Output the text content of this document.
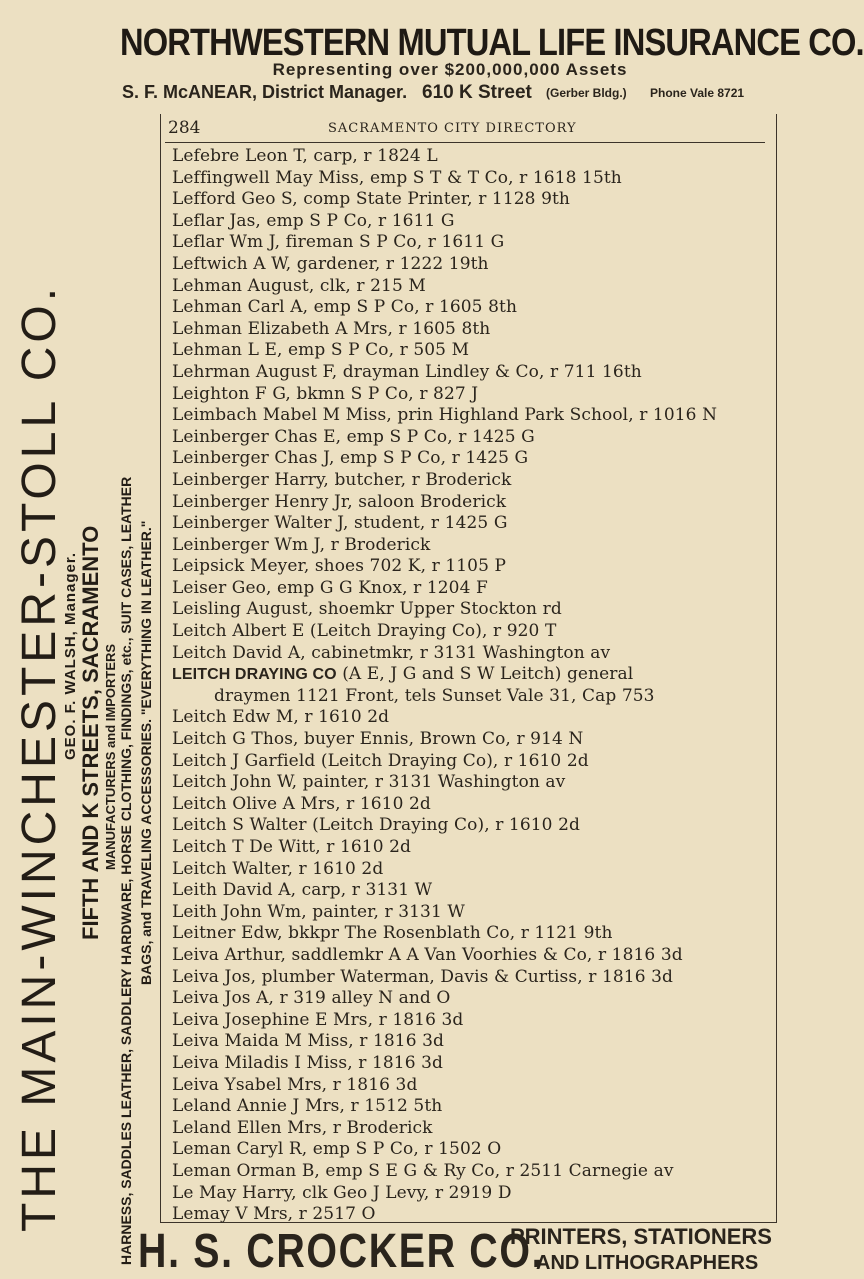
NORTHWESTERN MUTUAL LIFE INSURANCE CO.
Representing over $200,000,000 Assets
S. F. McANEAR, District Manager. 610 K Street (Gerber Bldg.) Phone Vale 8721
THE MAIN-WINCHESTER-STOLL CO.
GEO. F. WALSH, Manager. FIFTH AND K STREETS, SACRAMENTO MANUFACTURERS and IMPORTERS HARNESS, SADDLES LEATHER, SADDLERY HARDWARE, HORSE CLOTHING, FINDINGS, etc., SUIT CASES, LEATHER BAGS, and TRAVELING ACCESSORIES. "EVERYTHING IN LEATHER."
284	SACRAMENTO CITY DIRECTORY
Lefebre Leon T, carp, r 1824 L
Leffingwell May Miss, emp S T & T Co, r 1618 15th
Lefford Geo S, comp State Printer, r 1128 9th
Leflar Jas, emp S P Co, r 1611 G
Leflar Wm J, fireman S P Co, r 1611 G
Leftwich A W, gardener, r 1222 19th
Lehman August, clk, r 215 M
Lehman Carl A, emp S P Co, r 1605 8th
Lehman Elizabeth A Mrs, r 1605 8th
Lehman L E, emp S P Co, r 505 M
Lehrman August F, drayman Lindley & Co, r 711 16th
Leighton F G, bkmn S P Co, r 827 J
Leimbach Mabel M Miss, prin Highland Park School, r 1016 N
Leinberger Chas E, emp S P Co, r 1425 G
Leinberger Chas J, emp S P Co, r 1425 G
Leinberger Harry, butcher, r Broderick
Leinberger Henry Jr, saloon Broderick
Leinberger Walter J, student, r 1425 G
Leinberger Wm J, r Broderick
Leipsick Meyer, shoes 702 K, r 1105 P
Leiser Geo, emp G G Knox, r 1204 F
Leisling August, shoemkr Upper Stockton rd
Leitch Albert E (Leitch Draying Co), r 920 T
Leitch David A, cabinetmkr, r 3131 Washington av
LEITCH DRAYING CO (A E, J G and S W Leitch) general
draymen 1121 Front, tels Sunset Vale 31, Cap 753
Leitch Edw M, r 1610 2d
Leitch G Thos, buyer Ennis, Brown Co, r 914 N
Leitch J Garfield (Leitch Draying Co), r 1610 2d
Leitch John W, painter, r 3131 Washington av
Leitch Olive A Mrs, r 1610 2d
Leitch S Walter (Leitch Draying Co), r 1610 2d
Leitch T De Witt, r 1610 2d
Leitch Walter, r 1610 2d
Leith David A, carp, r 3131 W
Leith John Wm, painter, r 3131 W
Leitner Edw, bkkpr The Rosenblath Co, r 1121 9th
Leiva Arthur, saddlemkr A A Van Voorhies & Co, r 1816 3d
Leiva Jos, plumber Waterman, Davis & Curtiss, r 1816 3d
Leiva Jos A, r 319 alley N and O
Leiva Josephine E Mrs, r 1816 3d
Leiva Maida M Miss, r 1816 3d
Leiva Miladis I Miss, r 1816 3d
Leiva Ysabel Mrs, r 1816 3d
Leland Annie J Mrs, r 1512 5th
Leland Ellen Mrs, r Broderick
Leman Caryl R, emp S P Co, r 1502 O
Leman Orman B, emp S E G & Ry Co, r 2511 Carnegie av
Le May Harry, clk Geo J Levy, r 2919 D
Lemay V Mrs, r 2517 O
H. S. CROCKER CO.
PRINTERS, STATIONERS
AND LITHOGRAPHERS
